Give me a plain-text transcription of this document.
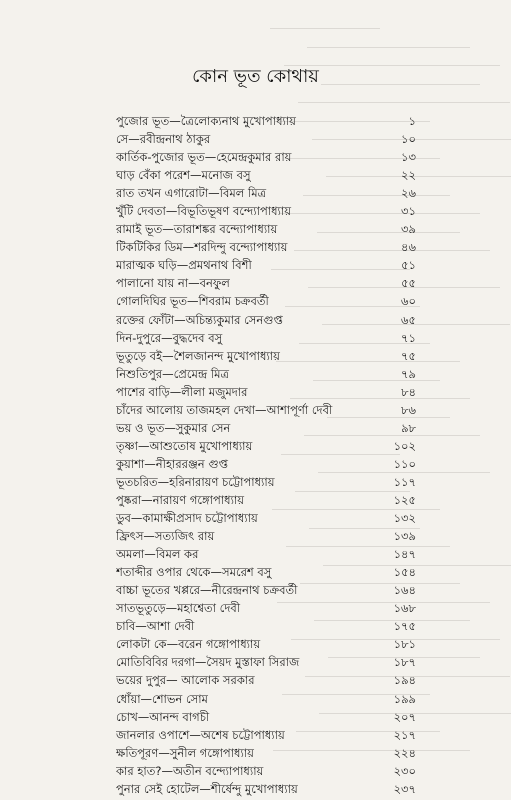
কোন ভূত কোথায়
পুজোর ভূত—ত্রৈলোক্যনাথ মুখোপাধ্যায়	১
সে—রবীন্দ্রনাথ ঠাকুর	১০
কার্তিক-পুজোর ভূত—হেমেন্দ্রকুমার রায়	১৩
ঘাড় বেঁকা পরেশ—মনোজ বসু	২২
রাত তখন এগারোটা—বিমল মিত্র	২৬
খুঁটি দেবতা—বিভূতিভূষণ বন্দ্যোপাধ্যায়	৩১
রামাই ভূত—তারাশঙ্কর বন্দ্যোপাধ্যায়	৩৯
টিকটিকির ডিম—শরদিন্দু বন্দ্যোপাধ্যায়	৪৬
মারাত্মক ঘড়ি—প্রমথনাথ বিশী	৫১
পালানো যায় না—বনফুল	৫৫
গোলদিঘির ভূত—শিবরাম চক্রবর্তী	৬০
রক্তের ফোঁটা—অচিন্ত্যকুমার সেনগুপ্ত	৬৫
দিন-দুপুরে—বুদ্ধদেব বসু	৭১
ভূতুড়ে বই—শৈলজানন্দ মুখোপাধ্যায়	৭৫
নিশুতিপুর—প্রেমেন্দ্র মিত্র	৭৯
পাশের বাড়ি—লীলা মজুমদার	৮৪
চাঁদের আলোয় তাজমহল দেখা—আশাপূর্ণা দেবী	৮৬
ভয় ও ভূত—সুকুমার সেন	৯৮
তৃষ্ণা—আশুতোষ মুখোপাধ্যায়	১০২
কুয়াশা—নীহাররঞ্জন গুপ্ত	১১০
ভূতচরিত—হরিনারায়ণ চট্টোপাধ্যায়	১১৭
পুষ্করা—নারায়ণ গঙ্গোপাধ্যায়	১২৫
ডুব—কামাক্ষীপ্রসাদ চট্টোপাধ্যায়	১৩২
ফ্রিৎস—সত্যজিৎ রায়	১৩৯
অমলা—বিমল কর	১৪৭
শতাব্দীর ওপার থেকে—সমরেশ বসু	১৫৪
বাচ্চা ভূতের খপ্পরে—নীরেন্দ্রনাথ চক্রবর্তী	১৬৪
সাতভূতুড়ে—মহাশ্বেতা দেবী	১৬৮
চাবি—আশা দেবী	১৭৫
লোকটা কে—বরেন গঙ্গোপাধ্যায়	১৮১
মোতিবিবির দরগা—সৈয়দ মুস্তাফা সিরাজ	১৮৭
ভয়ের দুপুর— আলোক সরকার	১৯৪
ধোঁয়া—শোভন সোম	১৯৯
চোখ—আনন্দ বাগচী	২০৭
জানলার ওপাশে—অশেষ চট্টোপাধ্যায়	২১৭
ক্ষতিপূরণ—সুনীল গঙ্গোপাধ্যায়	২২৪
কার হাত?—অতীন বন্দ্যোপাধ্যায়	২৩০
পুনার সেই হোটেল—শীর্ষেন্দু মুখোপাধ্যায়	২৩৭
